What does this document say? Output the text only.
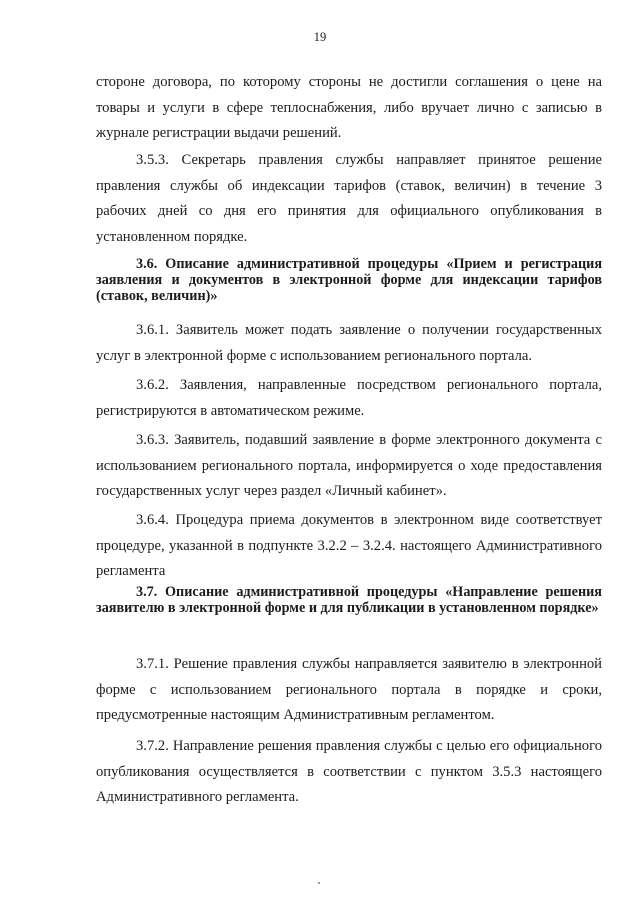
19
стороне договора, по которому стороны не достигли соглашения о цене на товары и услуги в сфере теплоснабжения, либо вручает лично с записью в журнале регистрации выдачи решений.
3.5.3. Секретарь правления службы направляет принятое решение правления службы об индексации тарифов (ставок, величин) в течение 3 рабочих дней со дня его принятия для официального опубликования в установленном порядке.
3.6. Описание административной процедуры «Прием и регистрация заявления и документов в электронной форме для индексации тарифов (ставок, величин)»
3.6.1. Заявитель может подать заявление о получении государственных услуг в электронной форме с использованием регионального портала.
3.6.2. Заявления, направленные посредством регионального портала, регистрируются в автоматическом режиме.
3.6.3. Заявитель, подавший заявление в форме электронного документа с использованием регионального портала, информируется о ходе предоставления государственных услуг через раздел «Личный кабинет».
3.6.4. Процедура приема документов в электронном виде соответствует процедуре, указанной в подпункте 3.2.2 – 3.2.4. настоящего Административного регламента
3.7. Описание административной процедуры «Направление решения заявителю в электронной форме и для публикации в установленном порядке»
3.7.1. Решение правления службы направляется заявителю в электронной форме с использованием регионального портала в порядке и сроки, предусмотренные настоящим Административным регламентом.
3.7.2. Направление решения правления службы с целью его официального опубликования осуществляется в соответствии с пунктом 3.5.3 настоящего Административного регламента.
